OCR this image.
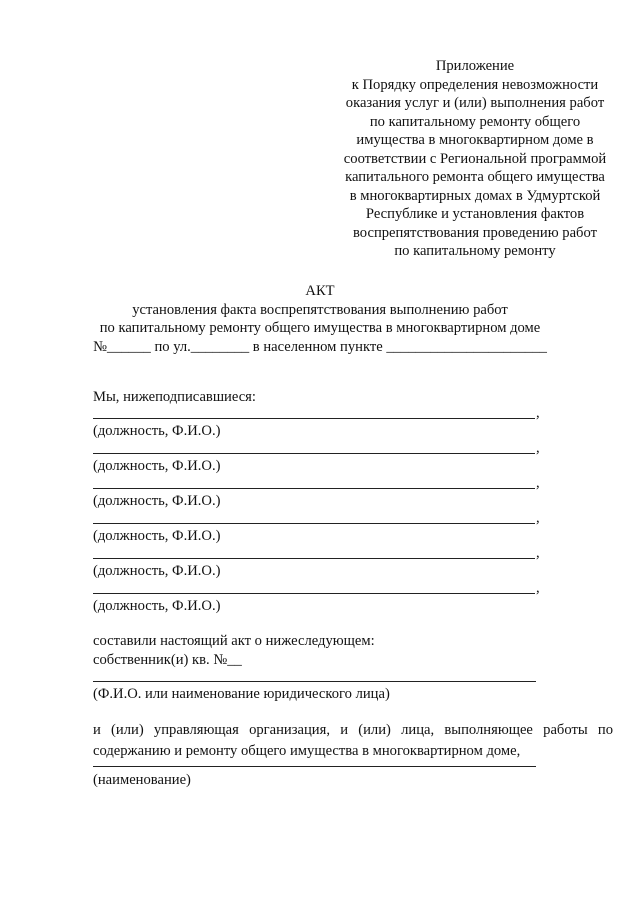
Приложение
к Порядку определения невозможности
оказания услуг и (или) выполнения работ
по капитальному ремонту общего
имущества в многоквартирном доме в
соответствии с Региональной программой
капитального ремонта общего имущества
в многоквартирных домах в Удмуртской
Республике и установления фактов
воспрепятствования проведению работ
по капитальному ремонту
АКТ
установления факта воспрепятствования выполнению работ
по капитальному ремонту общего имущества в многоквартирном доме
№______ по ул.________ в населенном пункте ______________________
Мы, нижеподписавшиеся:
,
(должность, Ф.И.О.)
,
(должность, Ф.И.О.)
,
(должность, Ф.И.О.)
,
(должность, Ф.И.О.)
,
(должность, Ф.И.О.)
,
(должность, Ф.И.О.)
составили настоящий акт о нижеследующем:
собственник(и) кв. №__
(Ф.И.О. или наименование юридического лица)
и (или) управляющая организация, и (или) лица, выполняющее работы по содержанию и ремонту общего имущества в многоквартирном доме,
(наименование)
